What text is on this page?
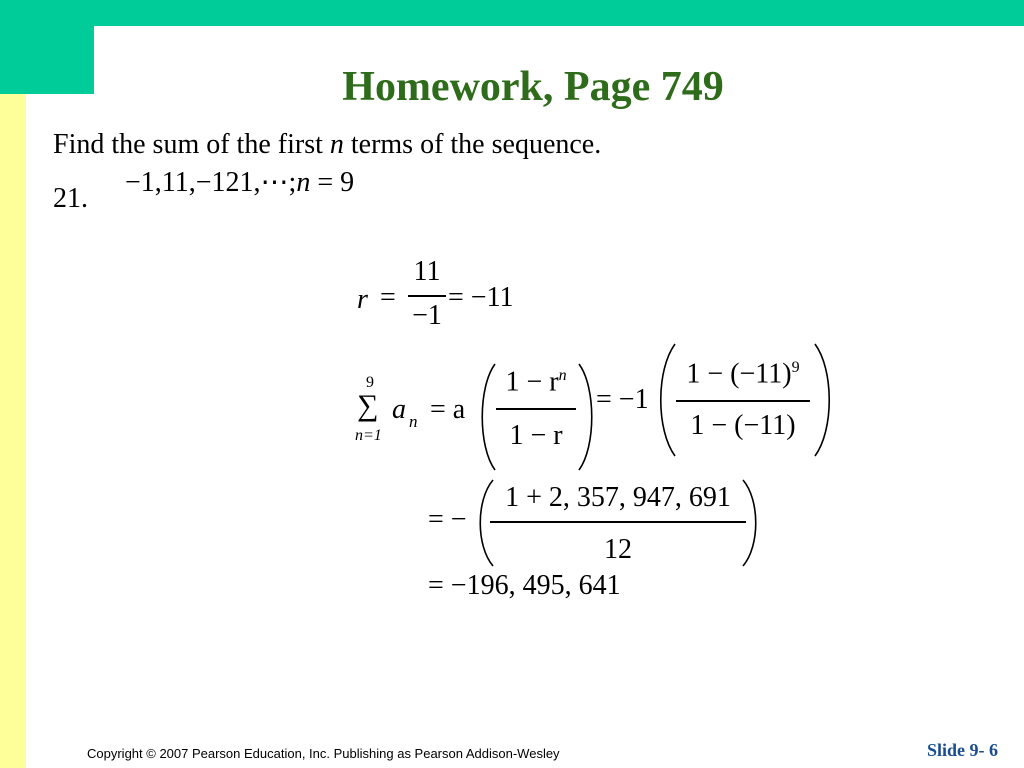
Homework, Page 749
Find the sum of the first n terms of the sequence.
21.
−1,11,−121,⋯;n = 9
r =
11
−1
= −11
9
∑
n=1
a n = a
$1 - r^n$
1 − r
= −1
$1 - (-11)^9$
1 − (−11)
= −
1 + 2, 357, 947, 691
12
= −196, 495, 641
Copyright © 2007 Pearson Education, Inc. Publishing as Pearson Addison-Wesley	Slide 9- 6
